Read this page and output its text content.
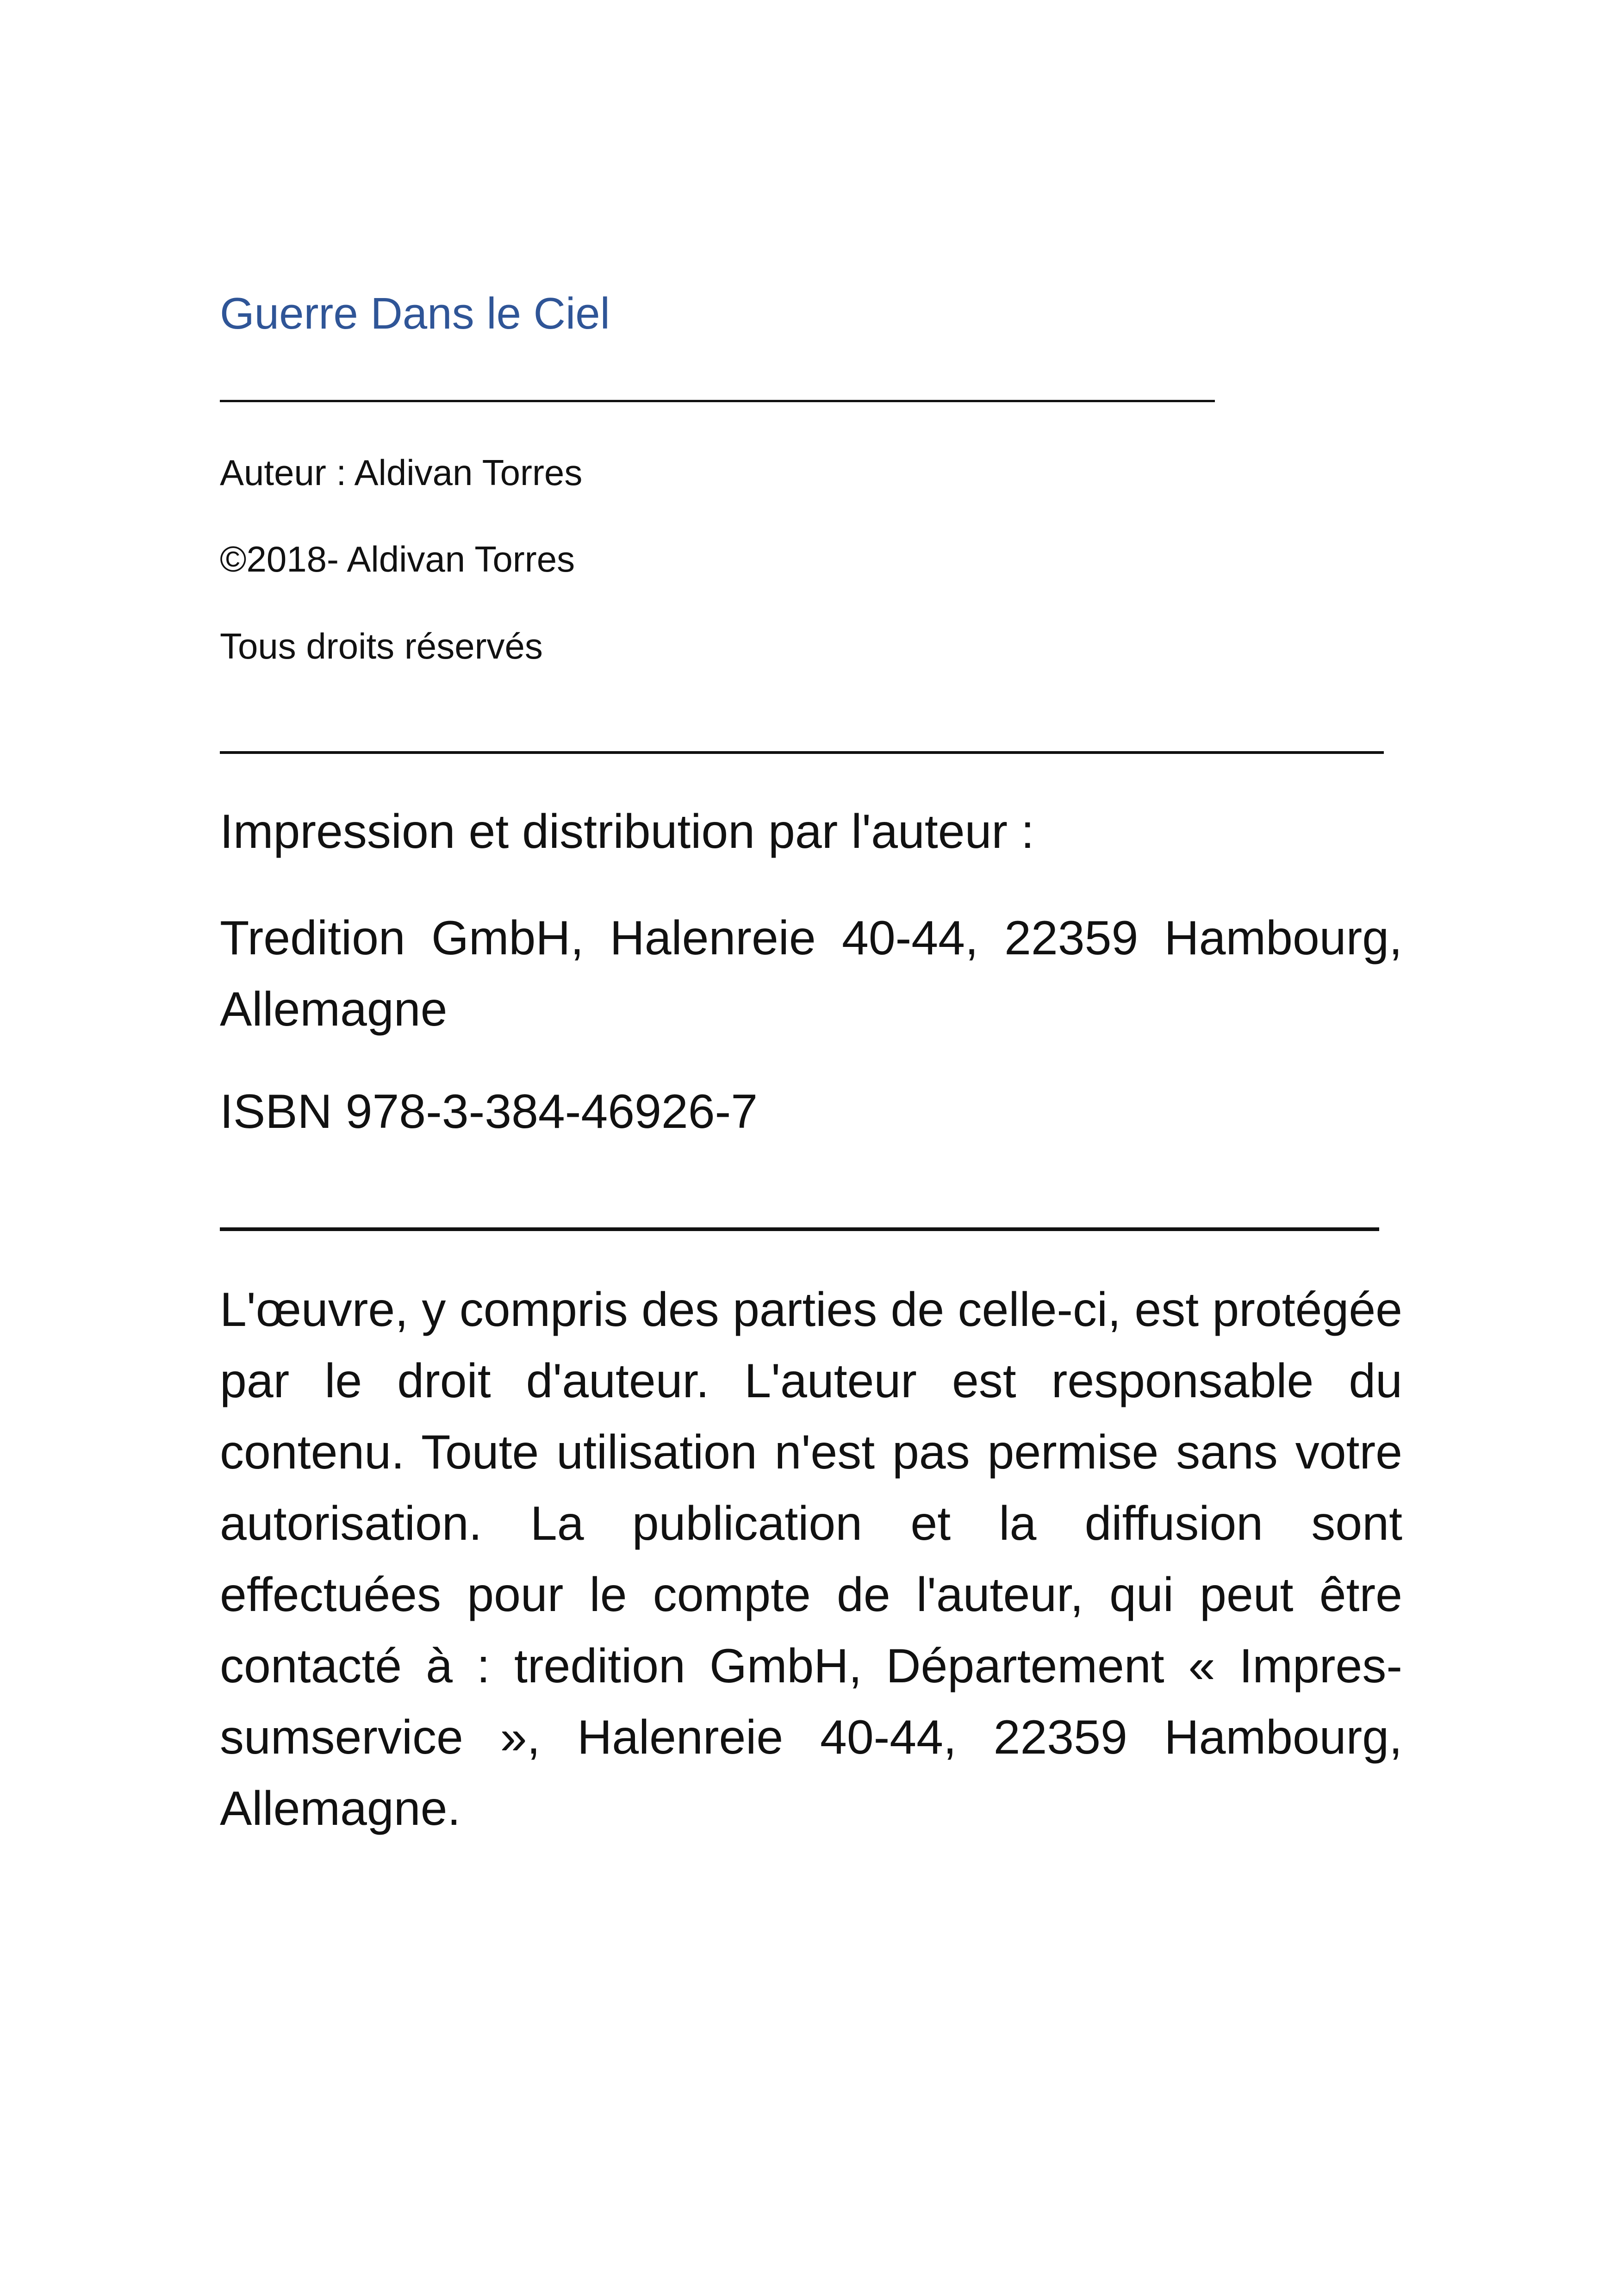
Guerre Dans le Ciel
Auteur : Aldivan Torres
©2018- Aldivan Torres
Tous droits réservés
Impression et distribution par l'auteur :
Tredition GmbH, Halenreie 40-44, 22359 Hambourg, Allemagne
ISBN 978-3-384-46926-7
L'œuvre, y compris des parties de celle-ci, est protégée par le droit d'auteur. L'auteur est responsable du contenu. Toute utilisation n'est pas permise sans votre autorisation. La publication et la diffusion sont effectuées pour le compte de l'auteur, qui peut être contacté à : tredition GmbH, Département « Impressumservice », Halenreie 40-44, 22359 Hambourg, Allemagne.
